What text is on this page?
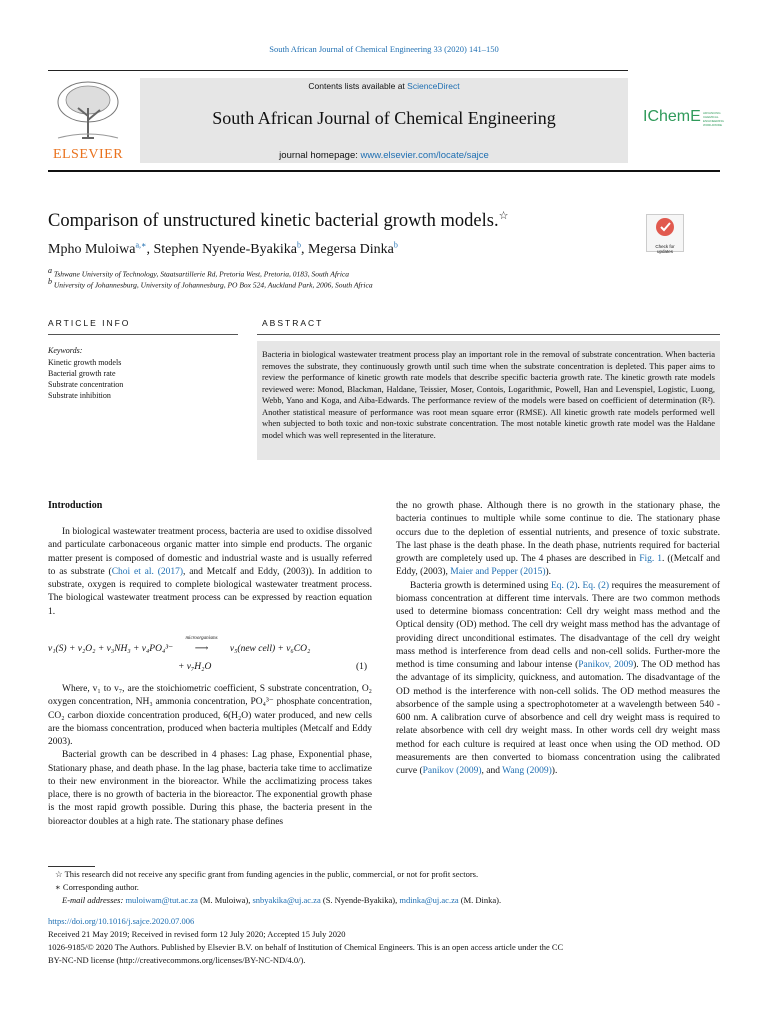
South African Journal of Chemical Engineering 33 (2020) 141–150
ELSEVIER
Contents lists available at ScienceDirect
South African Journal of Chemical Engineering
journal homepage: www.elsevier.com/locate/sajce
IChemE ADVANCING CHEMICAL ENGINEERING WORLDWIDE
Comparison of unstructured kinetic bacterial growth models.☆
Check for updates
Mpho Muloiwa$^{a,∗}$, Stephen Nyende-Byakika$^b$, Megersa Dinka$^b$
$^a$ Tshwane University of Technology, Staatsartillerie Rd, Pretoria West, Pretoria, 0183, South Africa
$^b$ University of Johannesburg, University of Johannesburg, PO Box 524, Auckland Park, 2006, South Africa
ARTICLE INFO	ABSTRACT
Keywords:
Kinetic growth models
Bacterial growth rate
Substrate concentration
Substrate inhibition
Bacteria in biological wastewater treatment process play an important role in the removal of substrate concentration. When bacteria removes the substrate, they continuously growth until such time when the substrate concentration is depleted. This paper aims to review the performance of kinetic growth rate models that describe specific bacteria growth rate. The kinetic growth rate models reviewed were: Monod, Blackman, Haldane, Teissier, Moser, Contois, Logarithmic, Powell, Han and Levenspiel, Logistic, Luong, Webb, Yano and Koga, and Aiba-Edwards. The performance review of the models were based on coefficient of determination (R²). Another statistical measure of performance was root mean square error (RMSE). All kinetic growth rate models performed well when subjected to both toxic and non-toxic substrate concentration. The most notable kinetic growth rate model was the Haldane model which was well represented in the literature.
Introduction

In biological wastewater treatment process, bacteria are used to oxidise dissolved and particulate carbonaceous organic matter into simple end products. The organic matter present is composed of domestic and industrial waste and is usually referred to as substrate (Choi et al. (2017), and Metcalf and Eddy, (2003)). In addition to substrate, oxygen is required to complete biological wastewater treatment process. The biological wastewater treatment process can be expressed by reaction equation 1.

v₁(S) + v₂O₂ + v₃NH₃ + v₄PO₄³⁻
microorganisms
⟶ v₅(new cell) + v₆CO₂
+ v₇H₂O	(1)

Where, v₁ to v₇, are the stoichiometric coefficient, S substrate concentration, O₂ oxygen concentration, NH₃ ammonia concentration, PO₄³⁻ phosphate concentration, CO₂ carbon dioxide concentration produced, 6(H₂O) water produced, and new cells are the biomass concentration, produced when bacteria multiples (Metcalf and Eddy 2003).

Bacterial growth can be described in 4 phases: Lag phase, Exponential phase, Stationary phase, and death phase. In the lag phase, bacteria take time to acclimatize to their new environment in the bioreactor. While the acclimatizing process takes place, there is no growth of bacteria in the bioreactor. The exponential growth phase is the most rapid growth possible. During this phase, the bacteria present in the bioreactor doubles at a high rate. The stationary phase defines

the no growth phase. Although there is no growth in the stationary phase, the bacteria continues to multiple while some continue to die. The stationary phase occurs due to the depletion of essential nutrients, and presence of toxic substrate. The last phase is the death phase. In the death phase, nutrients required for bacterial growth are completely used up. The 4 phases are described in Fig. 1. ((Metcalf and Eddy, (2003), Maier and Pepper (2015)).

Bacteria growth is determined using Eq. (2). Eq. (2) requires the measurement of biomass concentration at different time intervals. There are two common methods used to determine biomass concentration: Cell dry weight mass method and the Optical density (OD) method. The cell dry weight mass method has the advantage of providing direct unconditional estimates. The disadvantage of the cell dry weight mass method is interference from dead cells and non-cell solids. Further-more the method is time consuming and labour intense (Panikov, 2009). The OD method has the advantage of its simplicity, quickness, and automation. The disadvantage of the OD method is the interference with non-cell solids. The OD method measures the absorbence of the sample using a spectrophotometer at a wavelength between 540 - 600 nm. A calibration curve of absorbence and cell dry weight mass is required to relate absorbence with cell dry weight mass. In other words cell dry weight mass method for each culture is required at least once when using the OD method. OD measurements are then converted to biomass concentration using the calibrated curve (Panikov (2009), and Wang (2009)).

☆ This research did not receive any specific grant from funding agencies in the public, commercial, or not for profit sectors.
∗ Corresponding author.
E-mail addresses: muloiwam@tut.ac.za (M. Muloiwa), snbyakika@uj.ac.za (S. Nyende-Byakika), mdinka@uj.ac.za (M. Dinka).
https://doi.org/10.1016/j.sajce.2020.07.006
Received 21 May 2019; Received in revised form 12 July 2020; Accepted 15 July 2020
1026-9185/© 2020 The Authors. Published by Elsevier B.V. on behalf of Institution of Chemical Engineers. This is an open access article under the CC
BY-NC-ND license (http://creativecommons.org/licenses/BY-NC-ND/4.0/).
